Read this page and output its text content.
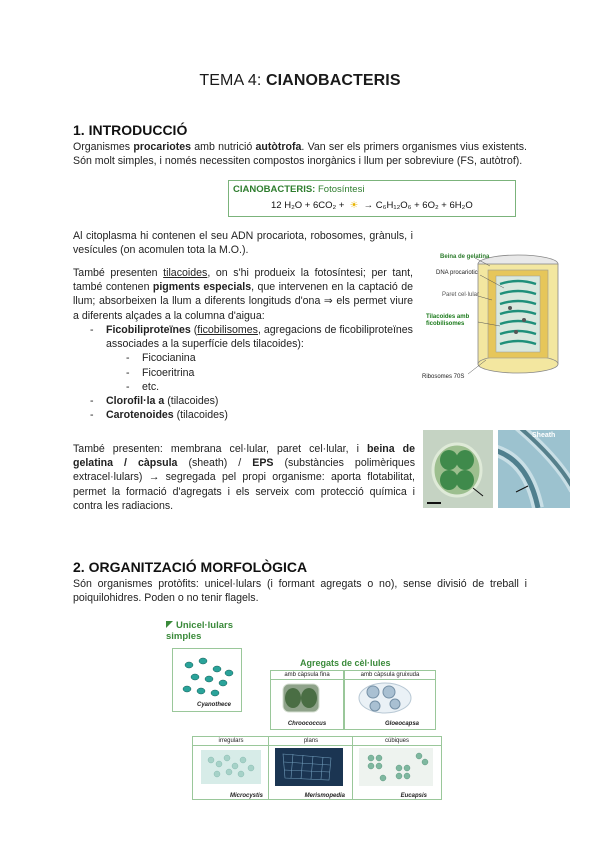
TEMA 4: CIANOBACTERIS
1. INTRODUCCIÓ

Organismes procariotes amb nutrició autòtrofa. Van ser els primers organismes vius existents. Són molt simples, i només necessiten compostos inorgànics i llum per sobreviure (FS, autòtrof).

CIANOBACTERIS: Fotosíntesi
12 H₂O + 6CO₂ + ☀ → C₆H₁₂O₆ + 6O₂ + 6H₂O

Al citoplasma hi contenen el seu ADN procariota, robosomes, grànuls, i vesícules (on acomulen tota la M.O.).

També presenten tilacoides, on s'hi produeix la fotosíntesi; per tant, també contenen pigments especials, que intervenen en la captació de llum; absorbeixen la llum a diferents longituds d'ona ⇒ els permet viure a diferents alçades a la columna d'aigua:

- Ficobiliproteïnes (ficobilisomes, agregacions de ficobiliproteïnes associades a la superfície dels tilacoides):
- Ficocianina
- Ficoeritrina
- etc.
- Clorofil·la a (tilacoides)
- Carotenoides (tilacoides)
Beina de gelatina
DNA procariotic
Paret cel·lular
Tilacoides amb ficobilisomes
Ribosomes 70S

També presenten: membrana cel·lular, paret cel·lular, i beina de gelatina / càpsula (sheath) / EPS (substàncies polimèriques extracel·lulars) → segregada pel propi organisme: aporta flotabilitat, permet la formació d'agregats i els serveix com protecció química i contra les radiacions.

Sheath
2. ORGANITZACIÓ MORFOLÒGICA

Són organismes protòfits: unicel·lulars (i formant agregats o no), sense divisió de treball i poiquilohidres. Poden o no tenir flagels.

Unicel·lulars simples
Cyanothece
Agregats de cèl·lules
amb càpsula fina
Chroococcus
amb càpsula gruixuda
Gloeocapsa
irregulars
Microcystis
plans
Merismopedia
cúbiques
Eucapsis
